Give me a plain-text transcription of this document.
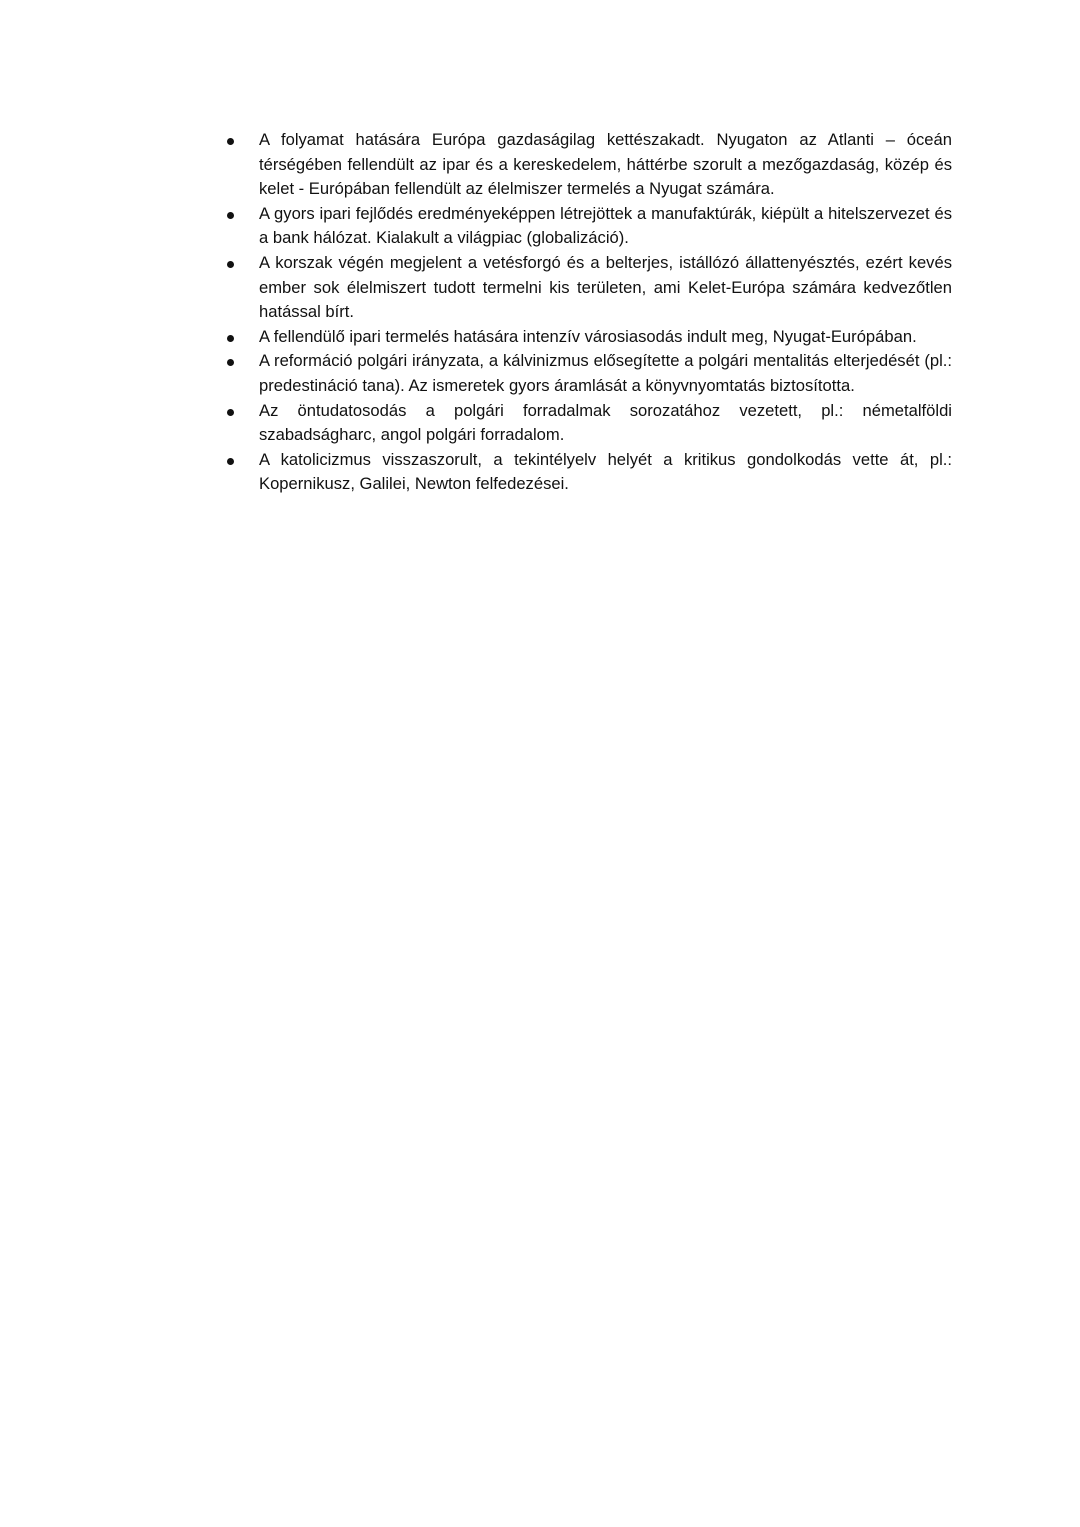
A folyamat hatására Európa gazdaságilag kettészakadt. Nyugaton az Atlanti – óceán térségében fellendült az ipar és a kereskedelem, háttérbe szorult a mezőgazdaság, közép és kelet - Európában fellendült az élelmiszer termelés a Nyugat számára.
A gyors ipari fejlődés eredményeképpen létrejöttek a manufaktúrák, kiépült a hitelszervezet és a bank hálózat. Kialakult a világpiac (globalizáció).
A korszak végén megjelent a vetésforgó és a belterjes, istállózó állattenyésztés, ezért kevés ember sok élelmiszert tudott termelni kis területen, ami Kelet-Európa számára kedvezőtlen hatással bírt.
A fellendülő ipari termelés hatására intenzív városiasodás indult meg, Nyugat-Európában.
A reformáció polgári irányzata, a kálvinizmus elősegítette a polgári mentalitás elterjedését (pl.: predestináció tana). Az ismeretek gyors áramlását a könyvnyomtatás biztosította.
Az öntudatosodás a polgári forradalmak sorozatához vezetett, pl.: németalföldi szabadságharc, angol polgári forradalom.
A katolicizmus visszaszorult, a tekintélyelv helyét a kritikus gondolkodás vette át, pl.: Kopernikusz, Galilei, Newton felfedezései.
